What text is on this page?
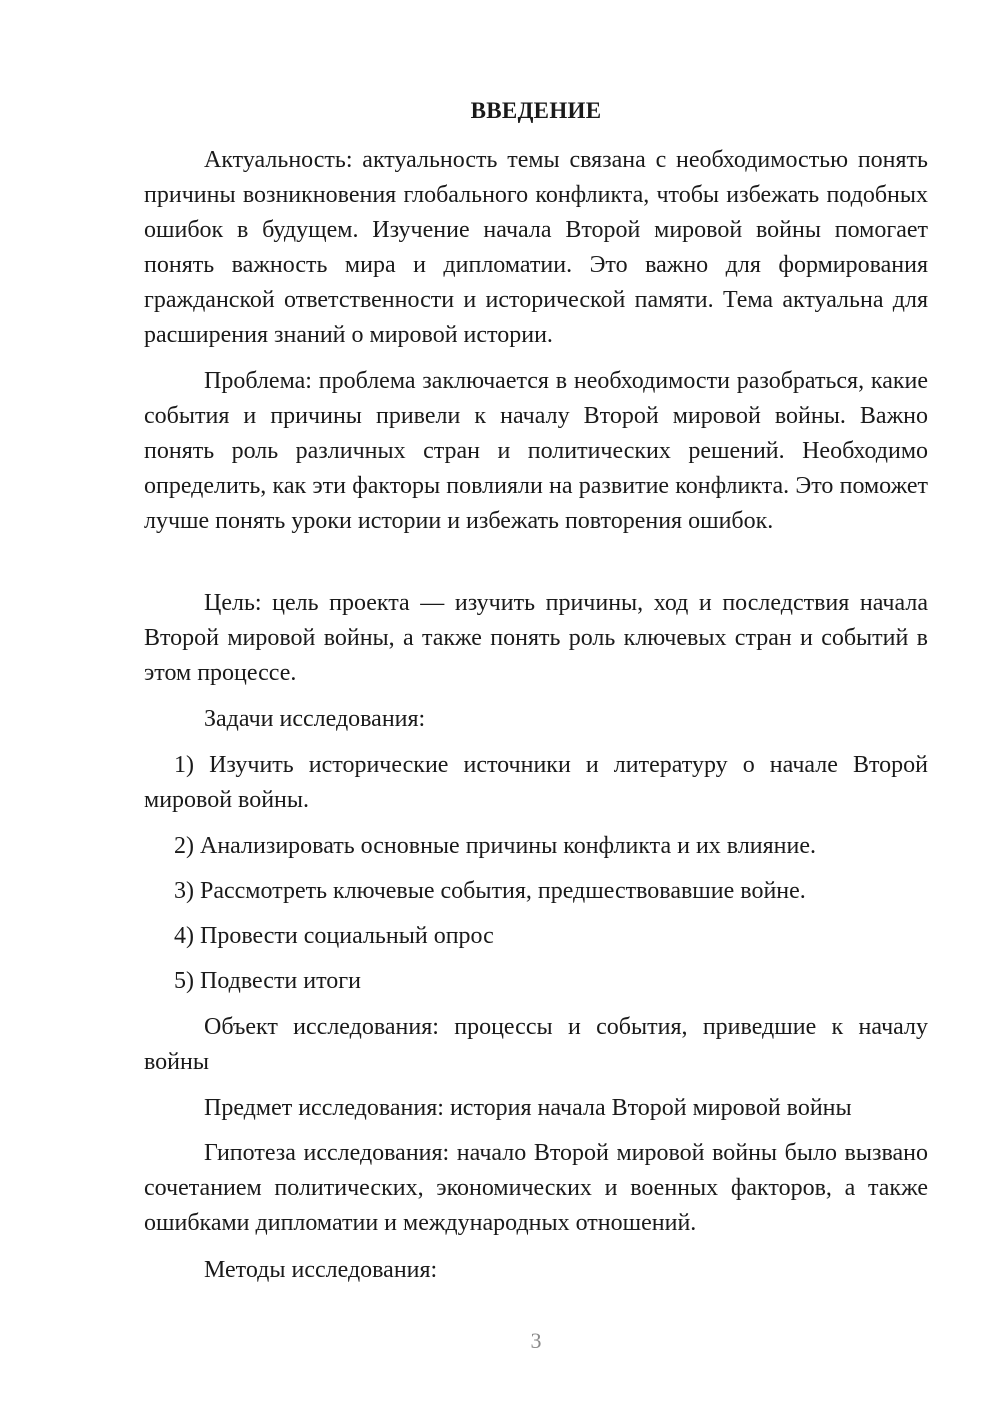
ВВЕДЕНИЕ

Актуальность: актуальность темы связана с необходимостью понять причины возникновения глобального конфликта, чтобы избежать подобных ошибок в будущем. Изучение начала Второй мировой войны помогает понять важность мира и дипломатии. Это важно для формирования гражданской ответственности и исторической памяти. Тема актуальна для расширения знаний о мировой истории.

Проблема: проблема заключается в необходимости разобраться, какие события и причины привели к началу Второй мировой войны. Важно понять роль различных стран и политических решений. Необходимо определить, как эти факторы повлияли на развитие конфликта. Это поможет лучше понять уроки истории и избежать повторения ошибок.

Цель: цель проекта — изучить причины, ход и последствия начала Второй мировой войны, а также понять роль ключевых стран и событий в этом процессе.

Задачи исследования:

1) Изучить исторические источники и литературу о начале Второй мировой войны.

2) Анализировать основные причины конфликта и их влияние.

3) Рассмотреть ключевые события, предшествовавшие войне.

4) Провести социальный опрос

5) Подвести итоги

Объект исследования: процессы и события, приведшие к началу войны

Предмет исследования: история начала Второй мировой войны

Гипотеза исследования: начало Второй мировой войны было вызвано сочетанием политических, экономических и военных факторов, а также ошибками дипломатии и международных отношений.

Методы исследования:

3
